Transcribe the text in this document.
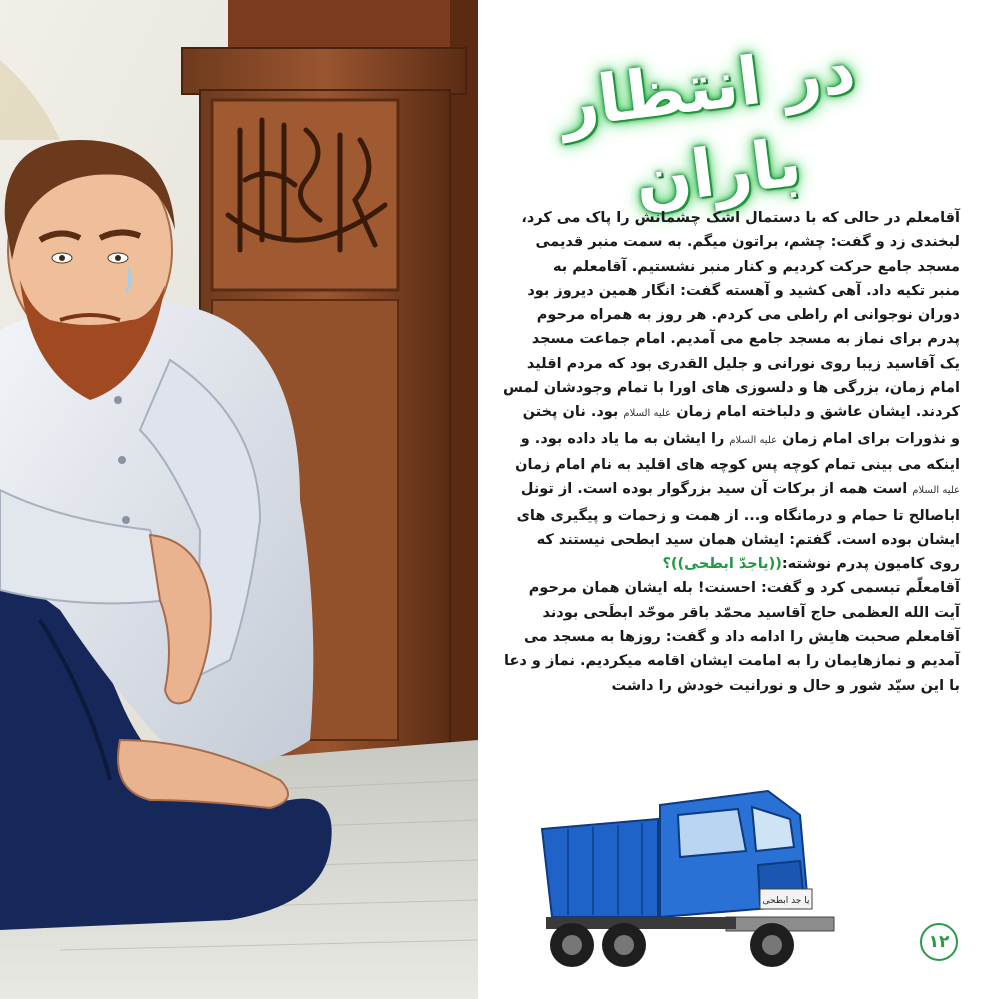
در انتظار باران

آقامعلم در حالی که با دستمال اشک چشمانش را پاک می کرد،

لبخندی زد و گفت: چشم، براتون میگم. به سمت منبر قدیمی

مسجد جامع حرکت کردیم و کنار منبر نشستیم. آقامعلم به

منبر تکیه داد. آهی کشید و آهسته گفت: انگار همین دیروز بود

دوران نوجوانی ام راطی می کردم. هر روز به همراه مرحوم

پدرم برای نماز به مسجد جامع می آمدیم. امام جماعت مسجد

یک آقاسید زیبا روی نورانی و جلیل القدری بود که مردم اقلید

امام زمان، بزرگی ها و دلسوزی های اورا با تمام وجودشان لمس

کردند. ایشان عاشق و دلباخته امام زمان علیه السلام بود. نان پختن

و نذورات برای امام زمان علیه السلام را ایشان به ما یاد داده بود. و

اینکه می بینی تمام کوچه پس کوچه های اقلید به نام امام زمان

علیه السلام است همه از برکات آن سید بزرگوار بوده است. از تونل

اباصالح تا حمام و درمانگاه و... از همت و زحمات و پیگیری های

ایشان بوده است. گفتم: ایشان همان سید ابطحی نیستند که

روی کامیون پدرم نوشته:((یاجدّ ابطحی))؟

آقامعلّم تبسمی کرد و گفت: احسنت! بله ایشان همان مرحوم

آیت الله العظمی حاج آقاسید محمّد باقر موحّد ابطَحی بودند

آقامعلم صحبت هایش را ادامه داد و گفت: روزها به مسجد می

آمدیم و نمازهایمان را به امامت ایشان اقامه میکردیم. نماز و دعا

با این سیّد شور و حال و نورانیت خودش را داشت

یا جد ابطحی
۱۲
